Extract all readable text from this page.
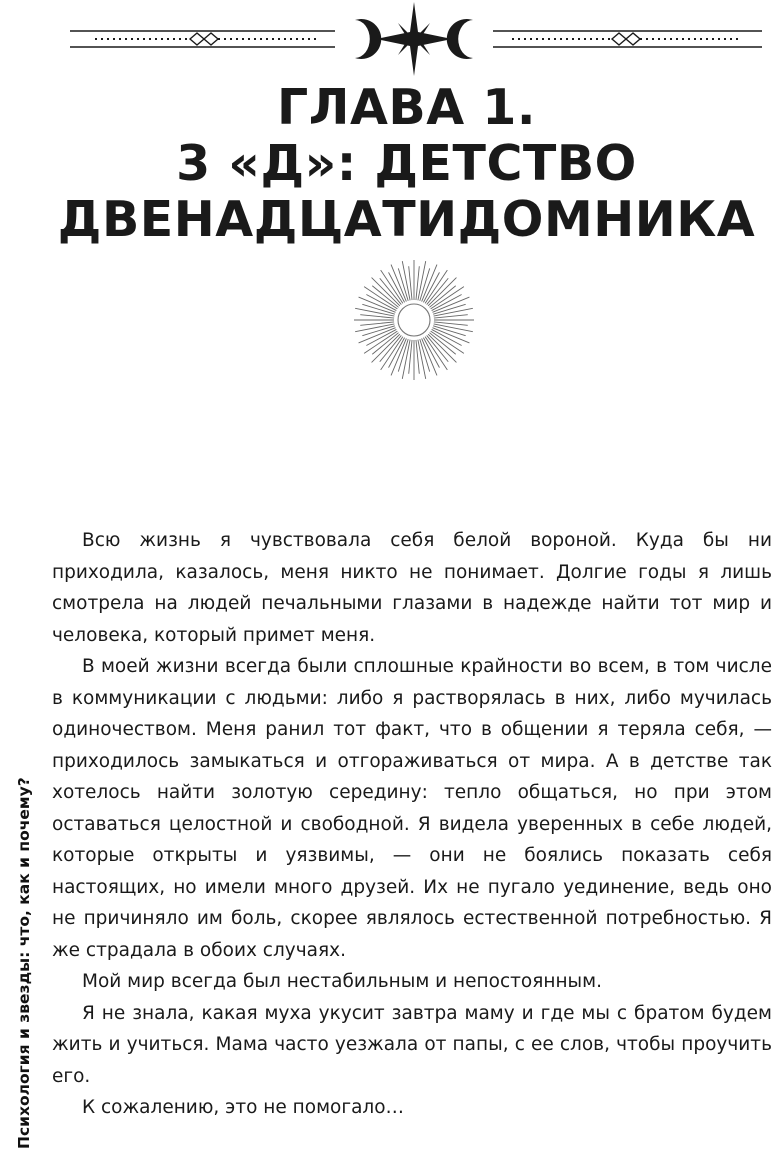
ГЛАВА 1.
3 «Д»: ДЕТСТВО
ДВЕНАДЦАТИДОМНИКА
Психология и звезды: что, как и почему?

Всю жизнь я чувствовала себя белой вороной. Куда бы ни приходила, казалось, меня никто не понимает. Долгие годы я лишь смотрела на людей печальными глазами в надежде найти тот мир и человека, который примет меня.

В моей жизни всегда были сплошные крайности во всем, в том числе в коммуникации с людьми: либо я растворялась в них, либо мучилась одиночеством. Меня ранил тот факт, что в общении я теряла себя, — приходилось замыкаться и отгораживаться от мира. А в детстве так хотелось найти золотую середину: тепло общаться, но при этом оставаться целостной и свободной. Я видела уверенных в себе людей, которые открыты и уязвимы, — они не боялись показать себя настоящих, но имели много друзей. Их не пугало уединение, ведь оно не причиняло им боль, скорее являлось естественной потребностью. Я же страдала в обоих случаях.

Мой мир всегда был нестабильным и непостоянным.

Я не знала, какая муха укусит завтра маму и где мы с братом будем жить и учиться. Мама часто уезжала от папы, с ее слов, чтобы проучить его.

К сожалению, это не помогало…
